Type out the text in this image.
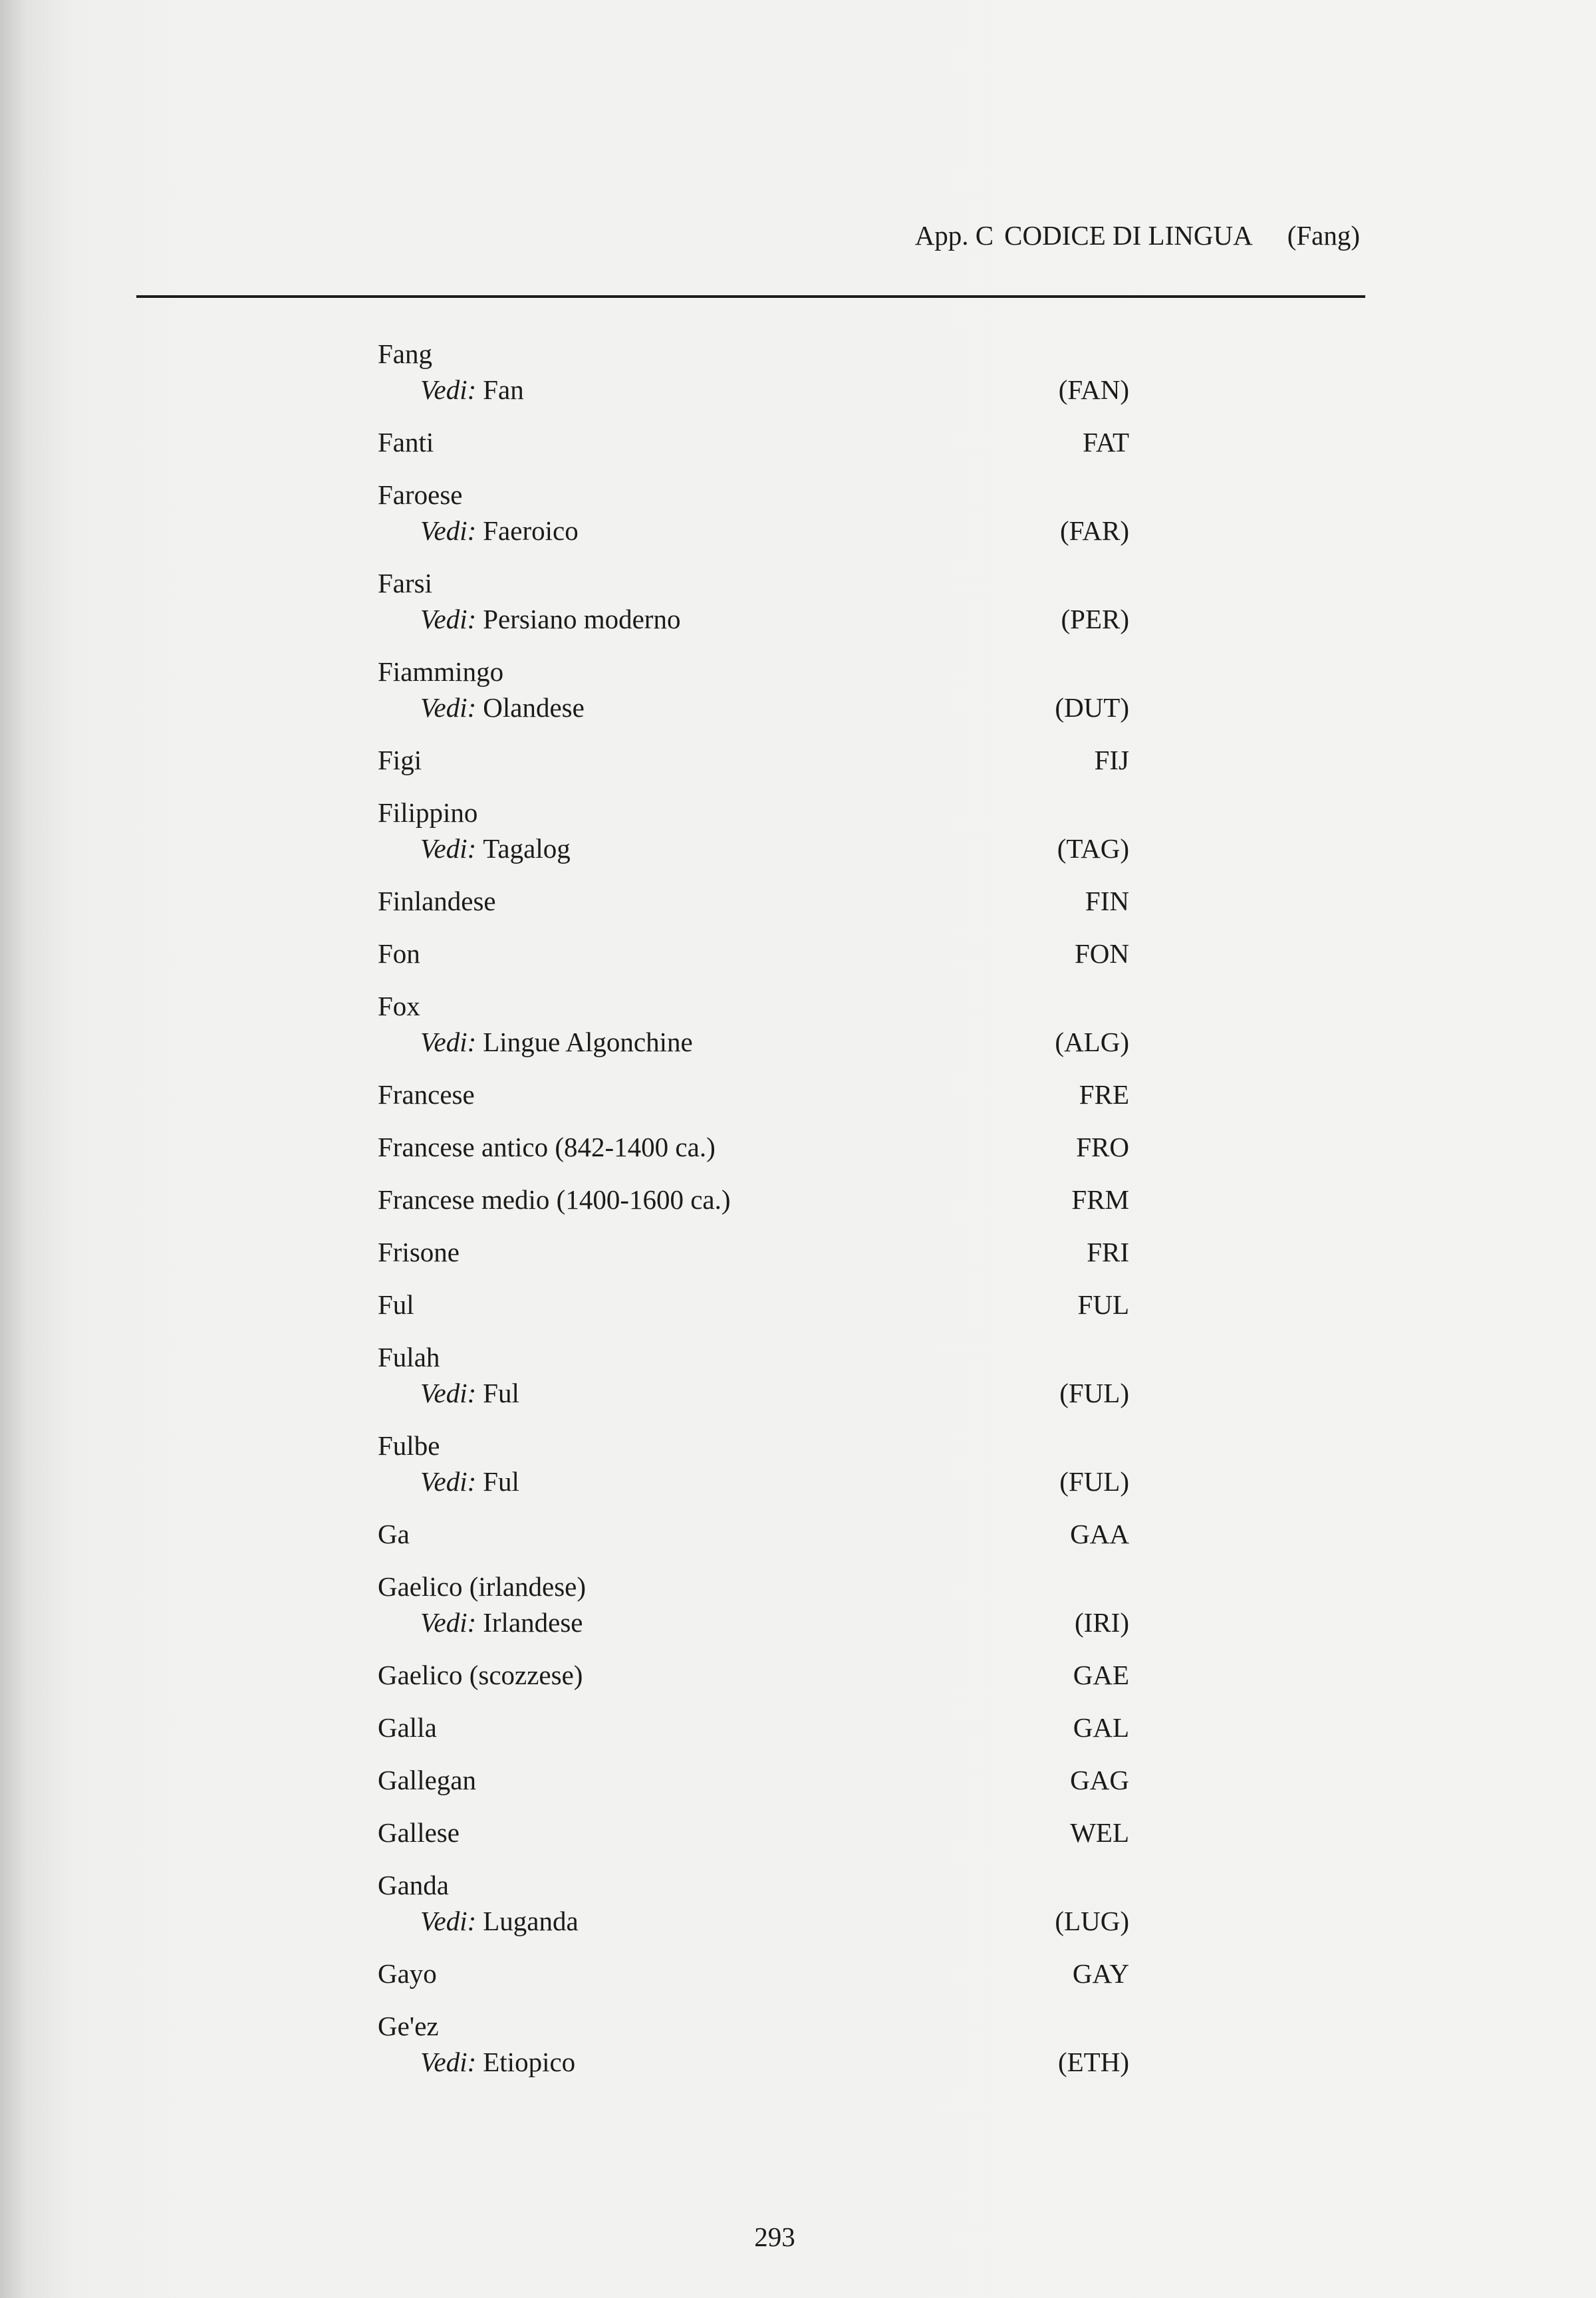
App. C CODICE DI LINGUA (Fang)
Fang
Vedi: Fan	(FAN)
Fanti	FAT
Faroese
Vedi: Faeroico	(FAR)
Farsi
Vedi: Persiano moderno	(PER)
Fiammingo
Vedi: Olandese	(DUT)
Figi	FIJ
Filippino
Vedi: Tagalog	(TAG)
Finlandese	FIN
Fon	FON
Fox
Vedi: Lingue Algonchine	(ALG)
Francese	FRE
Francese antico (842-1400 ca.)	FRO
Francese medio (1400-1600 ca.)	FRM
Frisone	FRI
Ful	FUL
Fulah
Vedi: Ful	(FUL)
Fulbe
Vedi: Ful	(FUL)
Ga	GAA
Gaelico (irlandese)
Vedi: Irlandese	(IRI)
Gaelico (scozzese)	GAE
Galla	GAL
Gallegan	GAG
Gallese	WEL
Ganda
Vedi: Luganda	(LUG)
Gayo	GAY
Ge'ez
Vedi: Etiopico	(ETH)
293
